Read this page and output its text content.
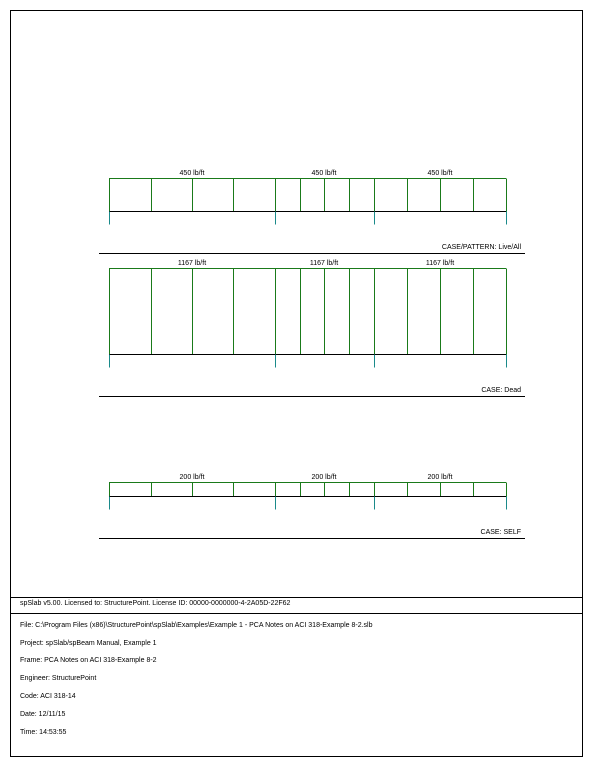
450 lb/ft	450 lb/ft	450 lb/ft
CASE/PATTERN: Live/All
1167 lb/ft	1167 lb/ft	1167 lb/ft
CASE: Dead
200 lb/ft	200 lb/ft	200 lb/ft
CASE: SELF
spSlab v5.00. Licensed to: StructurePoint. License ID: 00000-0000000-4-2A05D-22F62
File: C:\Program Files (x86)\StructurePoint\spSlab\Examples\Example 1 - PCA Notes on ACI 318-Example 8-2.slb
Project: spSlab/spBeam Manual, Example 1
Frame: PCA Notes on ACI 318-Example 8-2
Engineer: StructurePoint
Code: ACI 318-14
Date: 12/11/15
Time: 14:53:55
